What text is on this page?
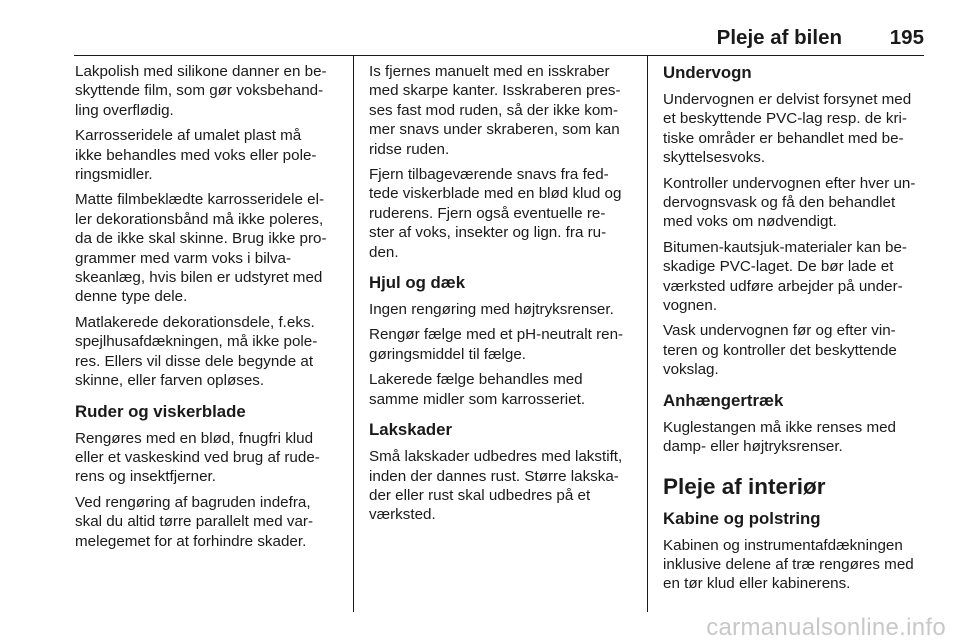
Pleje af bilen 195

Lakpolish med silikone danner en be-
skyttende film, som gør voksbehand-
ling overflødig.

Karrosseridele af umalet plast må
ikke behandles med voks eller pole-
ringsmidler.

Matte filmbeklædte karrosseridele el-
ler dekorationsbånd må ikke poleres,
da de ikke skal skinne. Brug ikke pro-
grammer med varm voks i bilva-
skeanlæg, hvis bilen er udstyret med
denne type dele.

Matlakerede dekorationsdele, f.eks.
spejlhusafdækningen, må ikke pole-
res. Ellers vil disse dele begynde at
skinne, eller farven opløses.

Ruder og viskerblade

Rengøres med en blød, fnugfri klud
eller et vaskeskind ved brug af rude-
rens og insektfjerner.

Ved rengøring af bagruden indefra,
skal du altid tørre parallelt med var-
melegemet for at forhindre skader.

Is fjernes manuelt med en isskraber
med skarpe kanter. Isskraberen pres-
ses fast mod ruden, så der ikke kom-
mer snavs under skraberen, som kan
ridse ruden.

Fjern tilbageværende snavs fra fed-
tede viskerblade med en blød klud og
ruderens. Fjern også eventuelle re-
ster af voks, insekter og lign. fra ru-
den.

Hjul og dæk

Ingen rengøring med højtryksrenser.

Rengør fælge med et pH-neutralt ren-
gøringsmiddel til fælge.

Lakerede fælge behandles med
samme midler som karrosseriet.

Lakskader

Små lakskader udbedres med lakstift,
inden der dannes rust. Større lakska-
der eller rust skal udbedres på et
værksted.

Undervogn

Undervognen er delvist forsynet med
et beskyttende PVC-lag resp. de kri-
tiske områder er behandlet med be-
skyttelsesvoks.

Kontroller undervognen efter hver un-
dervognsvask og få den behandlet
med voks om nødvendigt.

Bitumen-kautsjuk-materialer kan be-
skadige PVC-laget. De bør lade et
værksted udføre arbejder på under-
vognen.

Vask undervognen før og efter vin-
teren og kontroller det beskyttende
vokslag.

Anhængertræk

Kuglestangen må ikke renses med
damp- eller højtryksrenser.

Pleje af interiør
Kabine og polstring

Kabinen og instrumentafdækningen
inklusive delene af træ rengøres med
en tør klud eller kabinerens.

carmanualsonline.info
